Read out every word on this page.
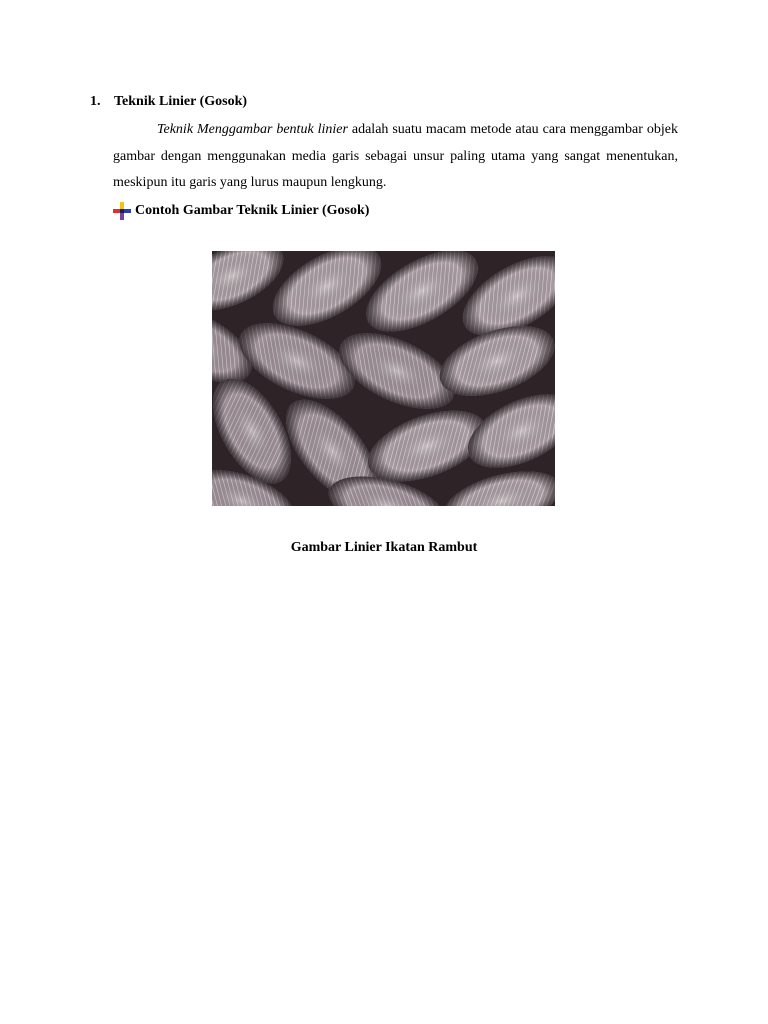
1. Teknik Linier (Gosok)
Teknik Menggambar bentuk linier adalah suatu macam metode atau cara menggambar objek gambar dengan menggunakan media garis sebagai unsur paling utama yang sangat menentukan, meskipun itu garis yang lurus maupun lengkung.
Contoh Gambar Teknik Linier (Gosok)
Gambar Linier Ikatan Rambut
